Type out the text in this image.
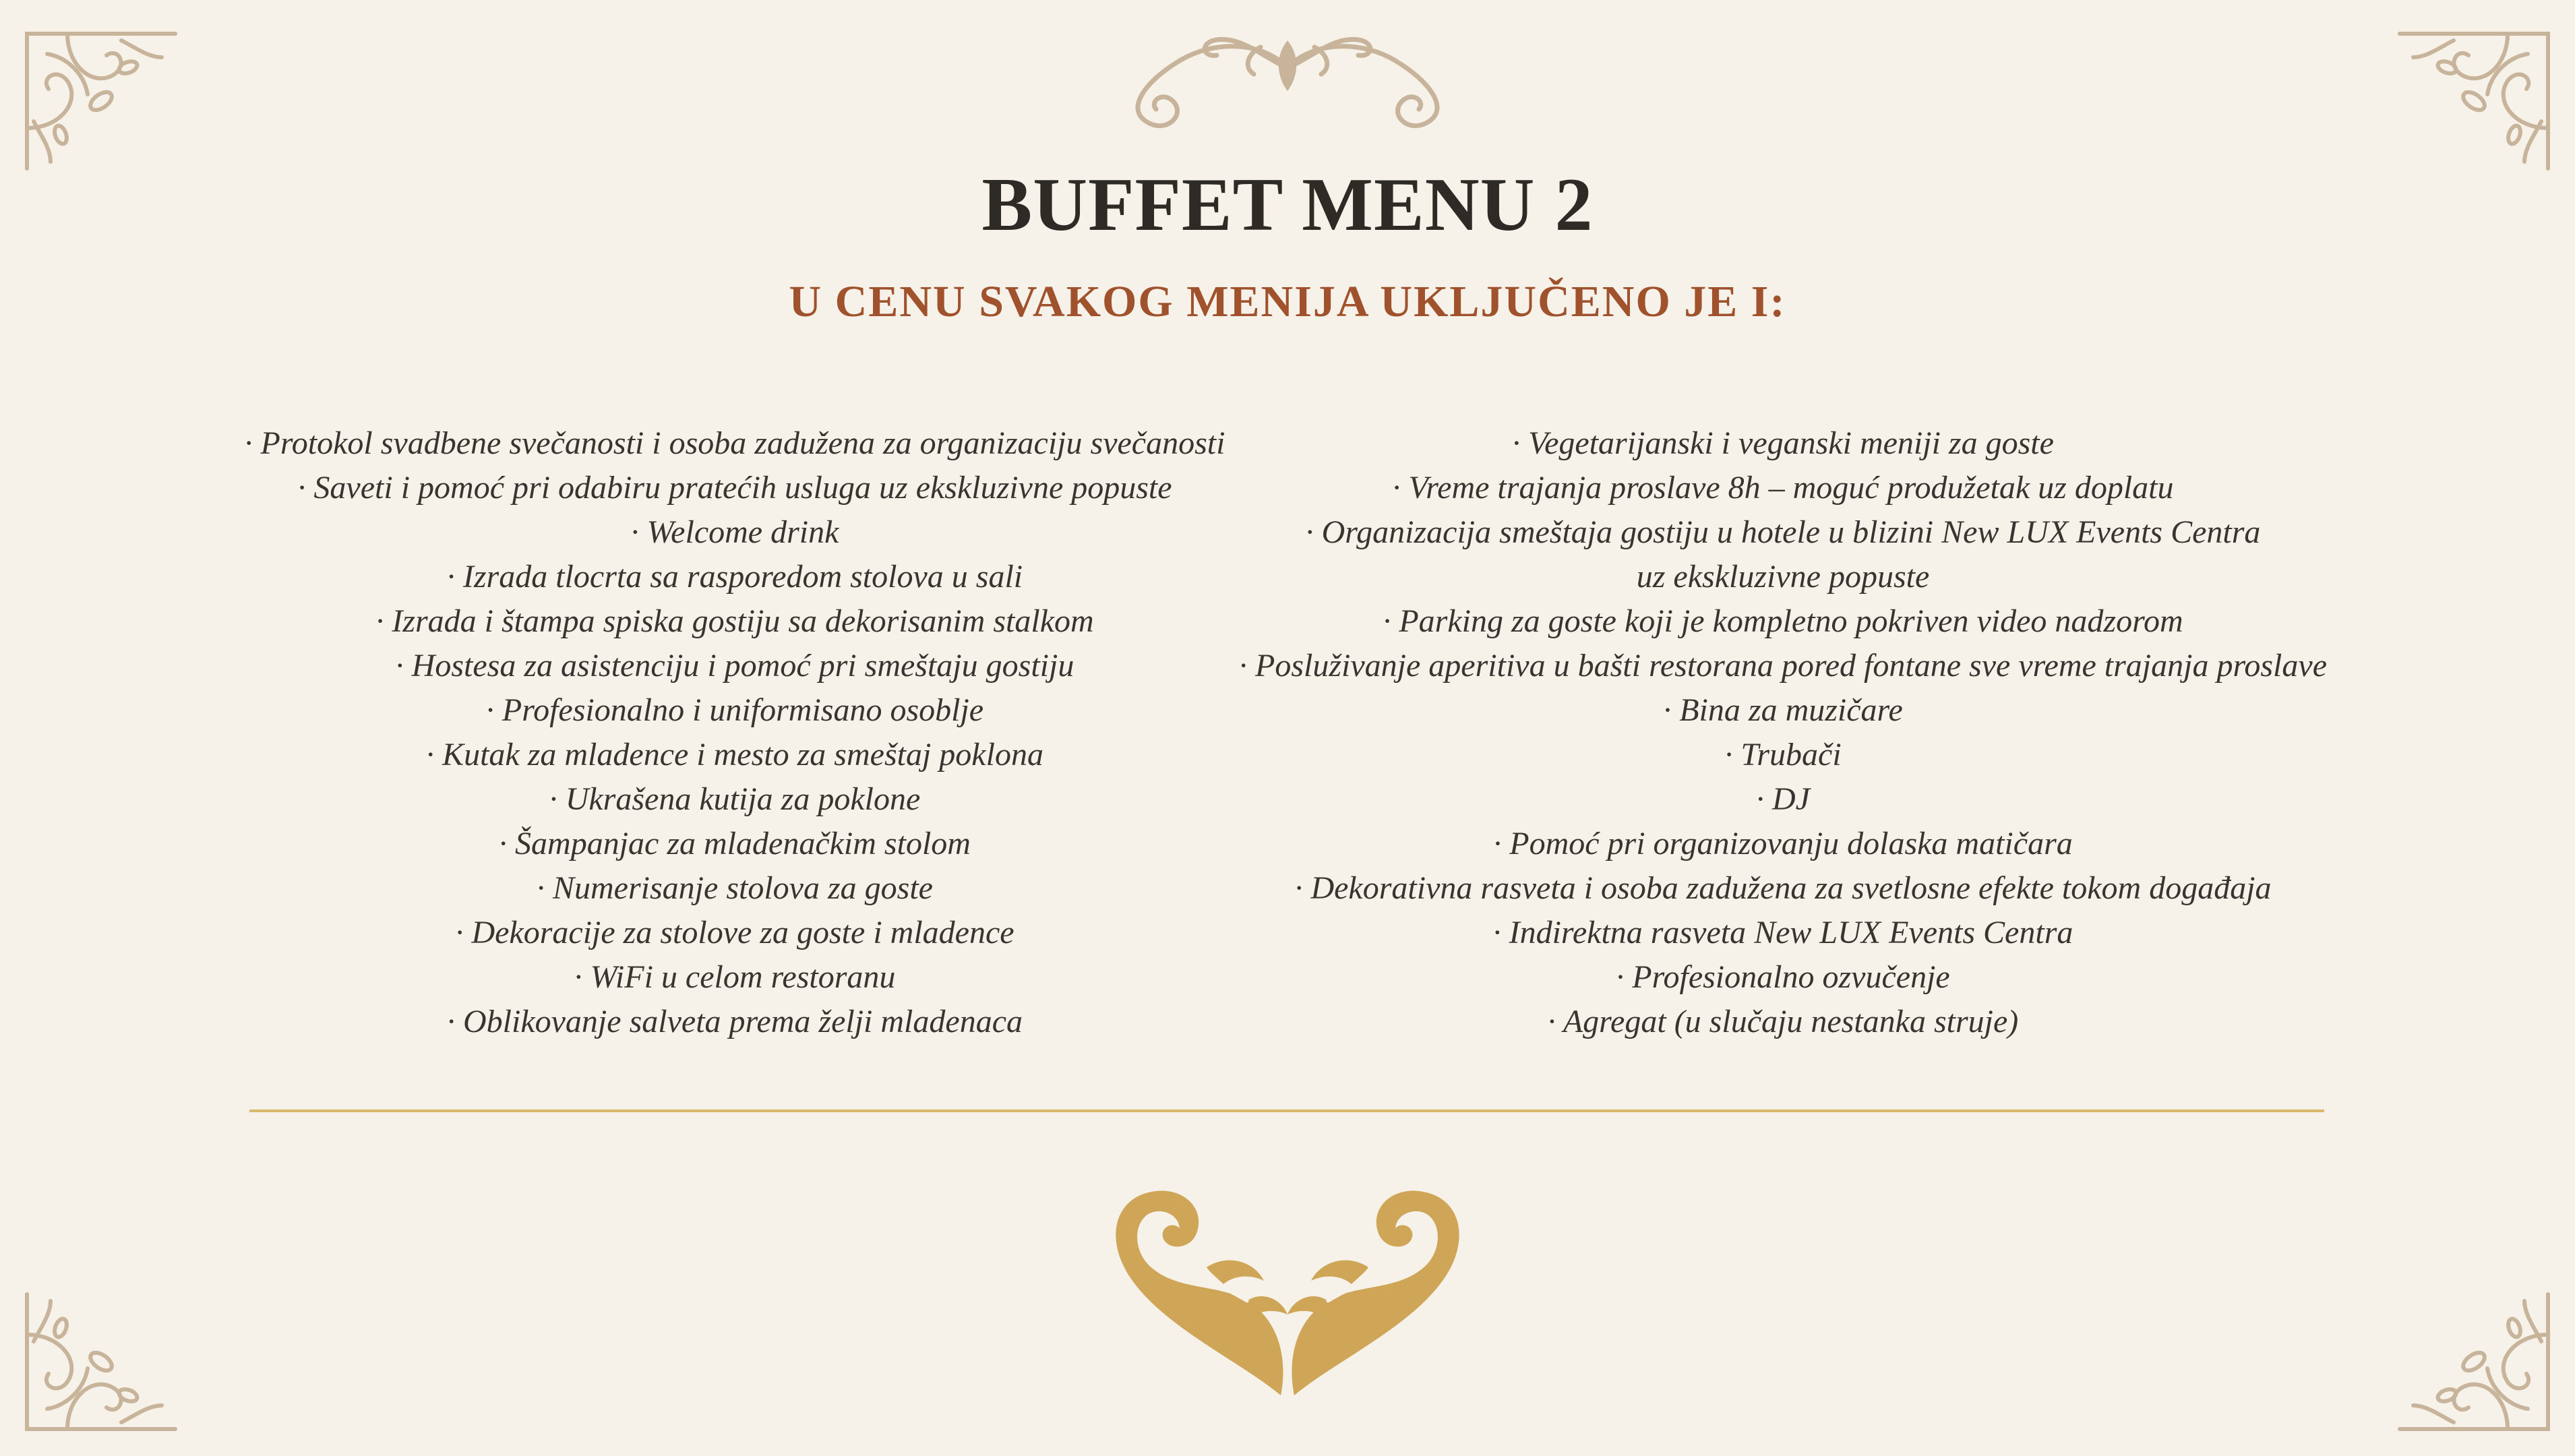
BUFFET MENU 2
U CENU SVAKOG MENIJA UKLJUČENO JE I:
· Protokol svadbene svečanosti i osoba zadužena za organizaciju svečanosti
· Saveti i pomoć pri odabiru pratećih usluga uz ekskluzivne popuste
· Welcome drink
· Izrada tlocrta sa rasporedom stolova u sali
· Izrada i štampa spiska gostiju sa dekorisanim stalkom
· Hostesa za asistenciju i pomoć pri smeštaju gostiju
· Profesionalno i uniformisano osoblje
· Kutak za mladence i mesto za smeštaj poklona
· Ukrašena kutija za poklone
· Šampanjac za mladenačkim stolom
· Numerisanje stolova za goste
· Dekoracije za stolove za goste i mladence
· WiFi u celom restoranu
· Oblikovanje salveta prema želji mladenaca
· Vegetarijanski i veganski meniji za goste
· Vreme trajanja proslave 8h – moguć produžetak uz doplatu
· Organizacija smeštaja gostiju u hotele u blizini New LUX Events Centra
uz ekskluzivne popuste
· Parking za goste koji je kompletno pokriven video nadzorom
· Posluživanje aperitiva u bašti restorana pored fontane sve vreme trajanja proslave
· Bina za muzičare
· Trubači
· DJ
· Pomoć pri organizovanju dolaska matičara
· Dekorativna rasveta i osoba zadužena za svetlosne efekte tokom događaja
· Indirektna rasveta New LUX Events Centra
· Profesionalno ozvučenje
· Agregat (u slučaju nestanka struje)
